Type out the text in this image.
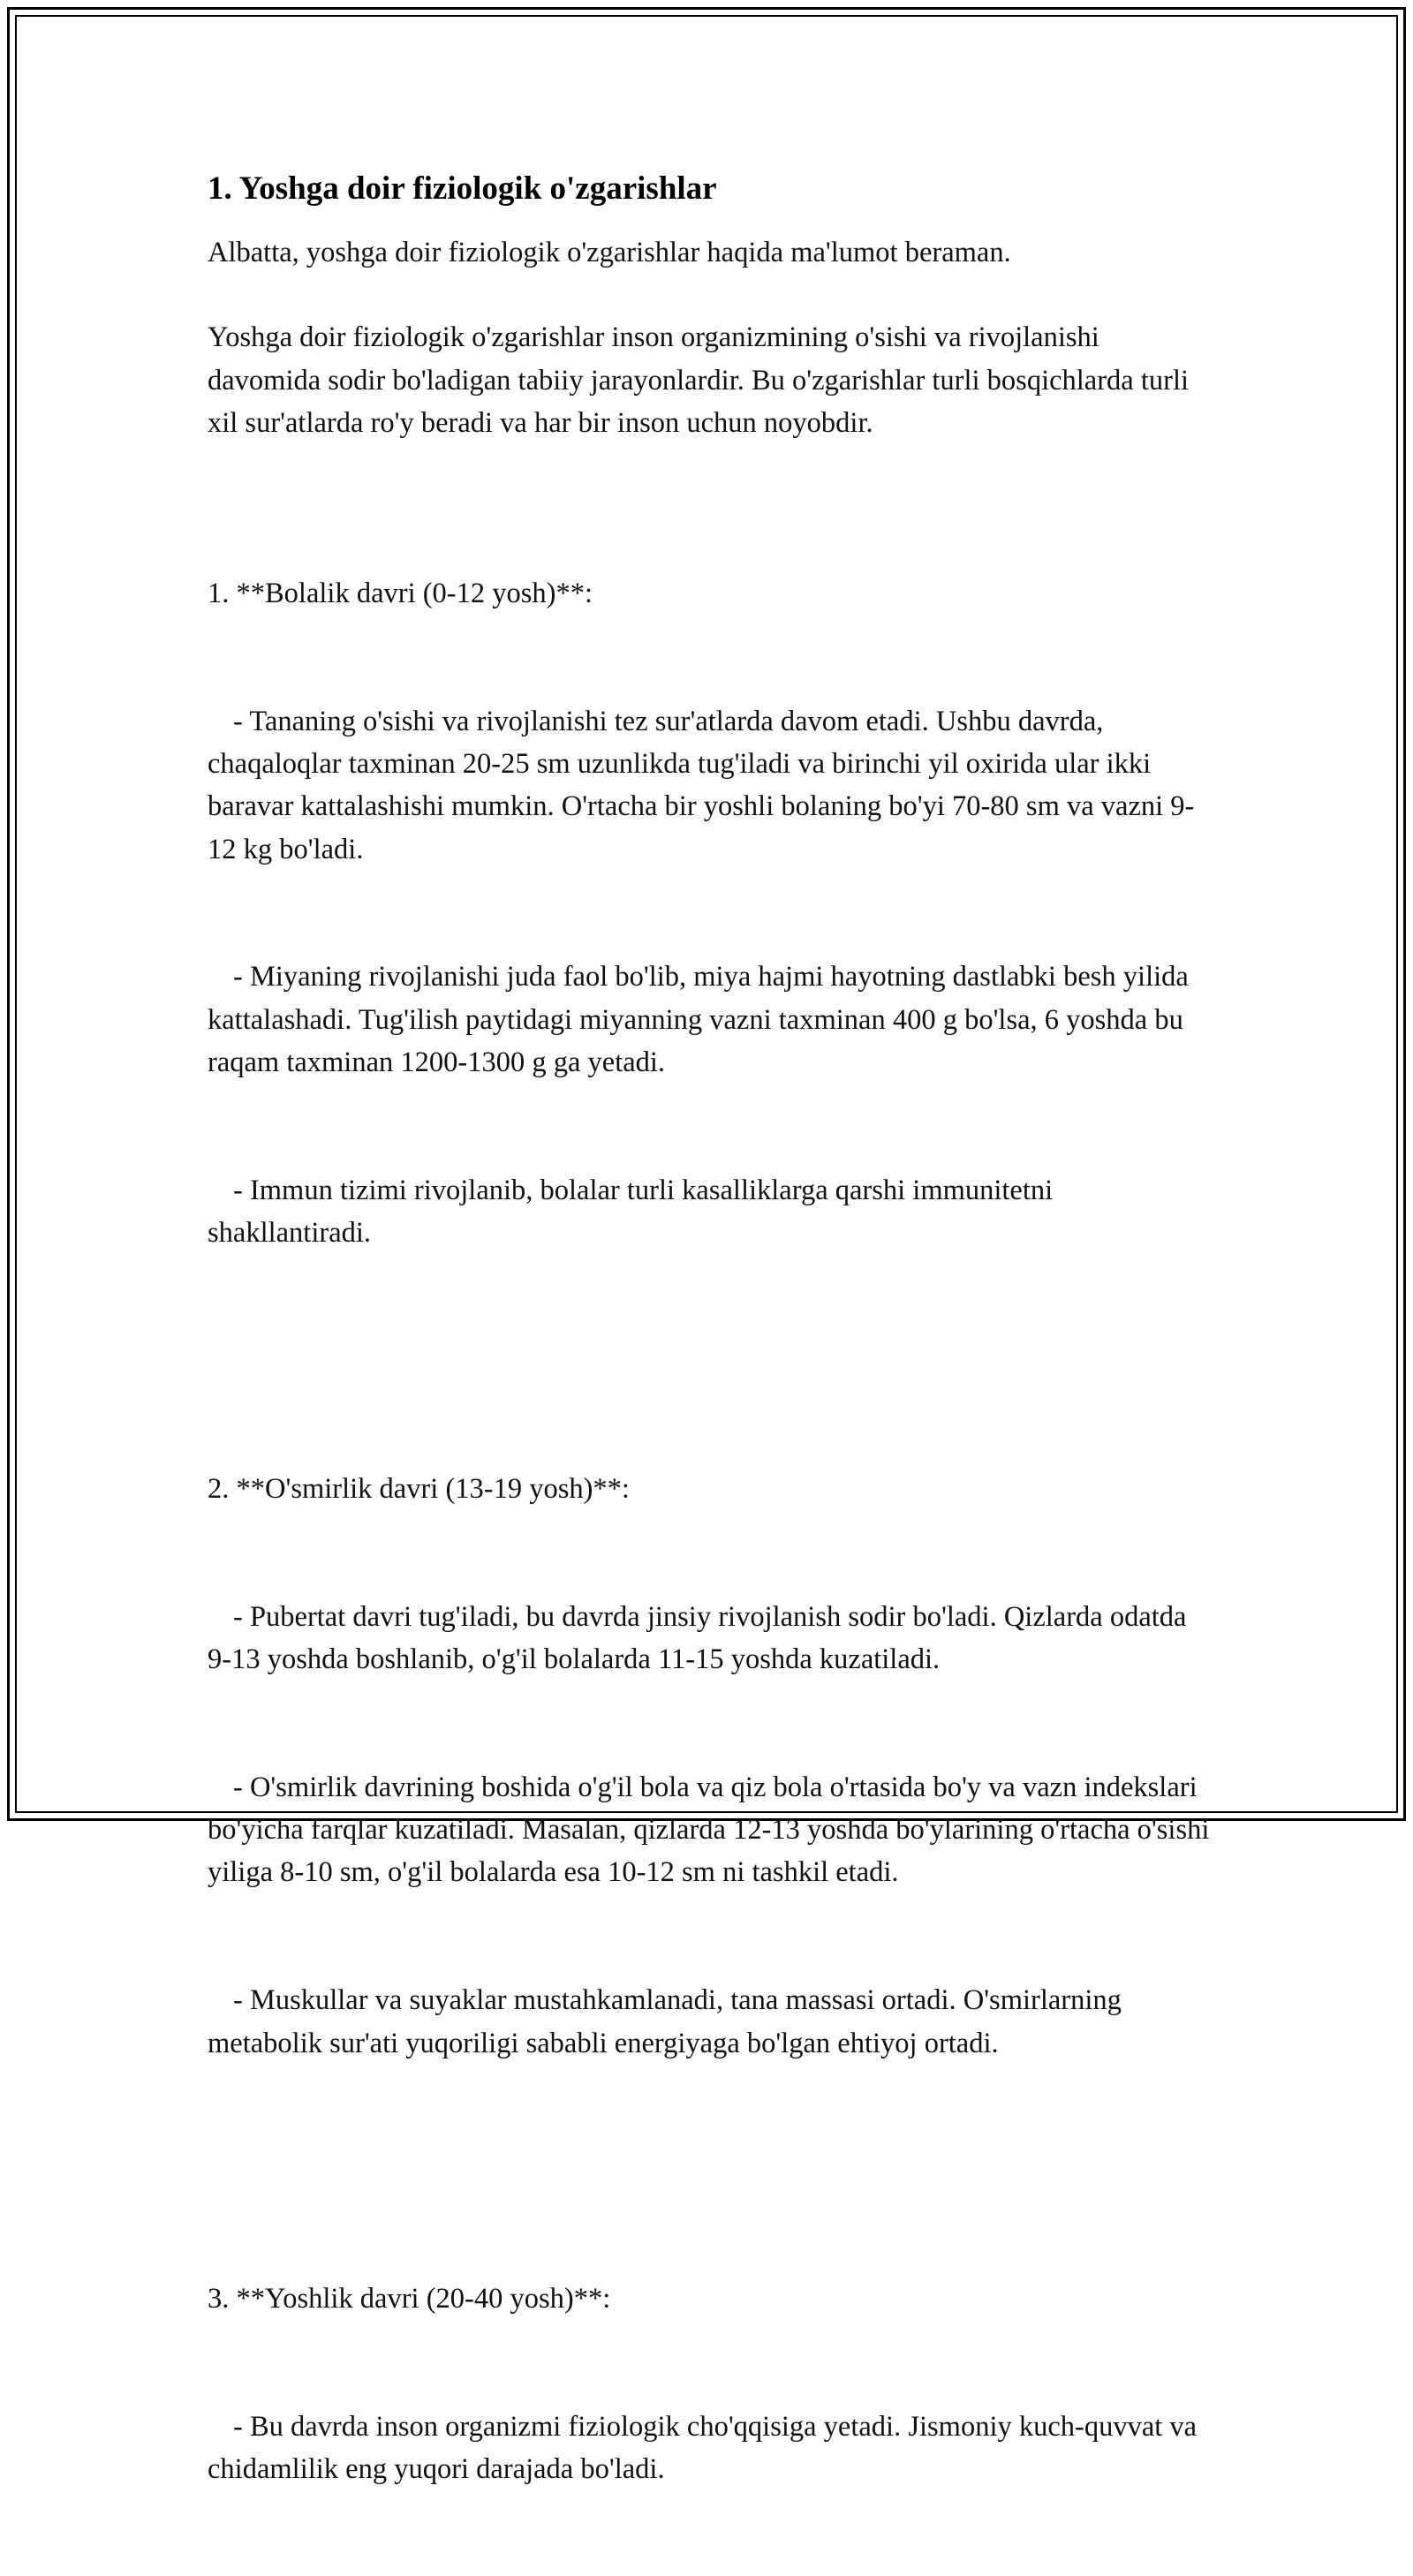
1. Yoshga doir fiziologik o'zgarishlar

Albatta, yoshga doir fiziologik o'zgarishlar haqida ma'lumot beraman.

Yoshga doir fiziologik o'zgarishlar inson organizmining o'sishi va rivojlanishi davomida sodir bo'ladigan tabiiy jarayonlardir. Bu o'zgarishlar turli bosqichlarda turli xil sur'atlarda ro'y beradi va har bir inson uchun noyobdir.

1. **Bolalik davri (0-12 yosh)**:

- Tananing o'sishi va rivojlanishi tez sur'atlarda davom etadi. Ushbu davrda, chaqaloqlar taxminan 20-25 sm uzunlikda tug'iladi va birinchi yil oxirida ular ikki baravar kattalashishi mumkin. O'rtacha bir yoshli bolaning bo'yi 70-80 sm va vazni 9-12 kg bo'ladi.

- Miyaning rivojlanishi juda faol bo'lib, miya hajmi hayotning dastlabki besh yilida kattalashadi. Tug'ilish paytidagi miyanning vazni taxminan 400 g bo'lsa, 6 yoshda bu raqam taxminan 1200-1300 g ga yetadi.

- Immun tizimi rivojlanib, bolalar turli kasalliklarga qarshi immunitetni shakllantiradi.

2. **O'smirlik davri (13-19 yosh)**:

- Pubertat davri tug'iladi, bu davrda jinsiy rivojlanish sodir bo'ladi. Qizlarda odatda 9-13 yoshda boshlanib, o'g'il bolalarda 11-15 yoshda kuzatiladi.

- O'smirlik davrining boshida o'g'il bola va qiz bola o'rtasida bo'y va vazn indekslari bo'yicha farqlar kuzatiladi. Masalan, qizlarda 12-13 yoshda bo'ylarining o'rtacha o'sishi yiliga 8-10 sm, o'g'il bolalarda esa 10-12 sm ni tashkil etadi.

- Muskullar va suyaklar mustahkamlanadi, tana massasi ortadi. O'smirlarning metabolik sur'ati yuqoriligi sababli energiyaga bo'lgan ehtiyoj ortadi.

3. **Yoshlik davri (20-40 yosh)**:

- Bu davrda inson organizmi fiziologik cho'qqisiga yetadi. Jismoniy kuch-quvvat va chidamlilik eng yuqori darajada bo'ladi.
